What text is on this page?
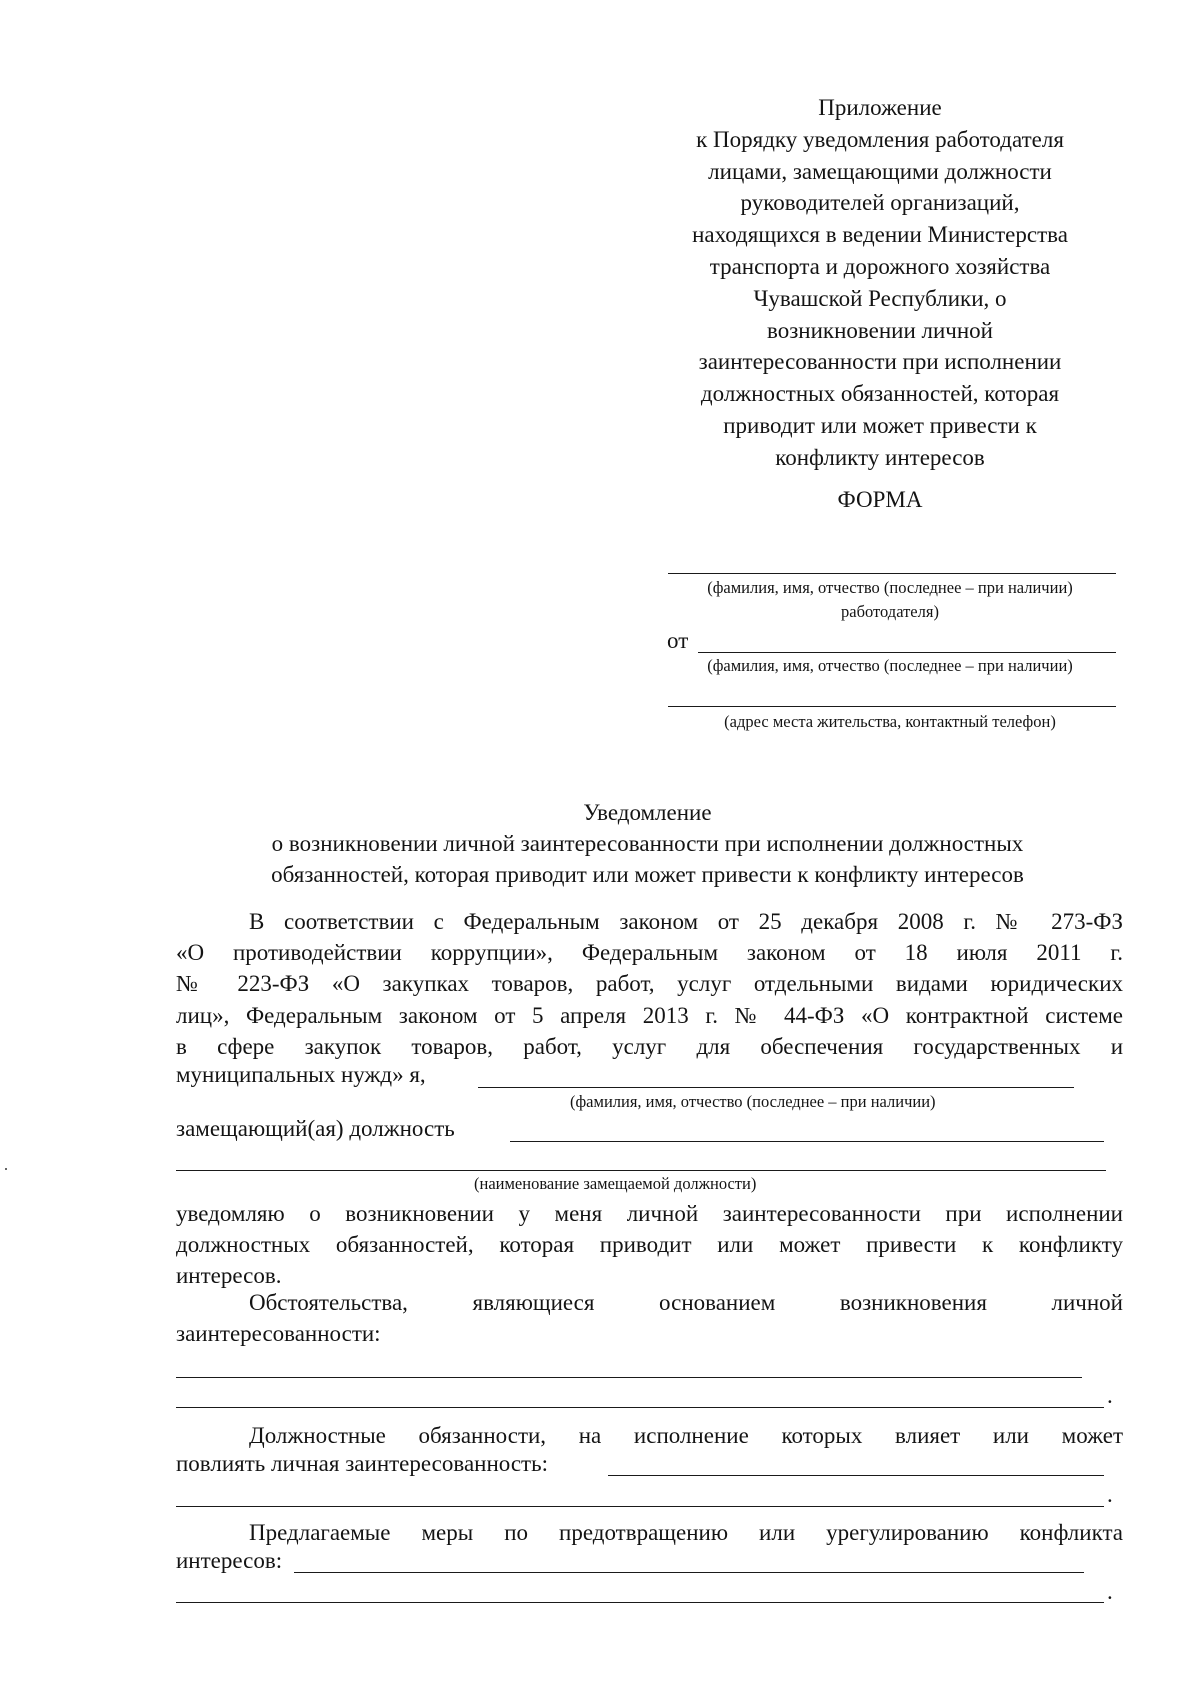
Приложение
к Порядку уведомления работодателя
лицами, замещающими должности
руководителей организаций,
находящихся в ведении Министерства
транспорта и дорожного хозяйства
Чувашской Республики, о
возникновении личной
заинтересованности при исполнении
должностных обязанностей, которая
приводит или может привести к
конфликту интересов
ФОРМА
(фамилия, имя, отчество (последнее – при наличии)
работодателя)
от
(фамилия, имя, отчество (последнее – при наличии)
(адрес места жительства, контактный телефон)
Уведомление
о возникновении личной заинтересованности при исполнении должностных
обязанностей, которая приводит или может привести к конфликту интересов
В соответствии с Федеральным законом от 25 декабря 2008 г. № 273-ФЗ
«О противодействии коррупции», Федеральным законом от 18 июля 2011 г.
№ 223-ФЗ «О закупках товаров, работ, услуг отдельными видами юридических
лиц», Федеральным законом от 5 апреля 2013 г. № 44-ФЗ «О контрактной системе
в сфере закупок товаров, работ, услуг для обеспечения государственных и
муниципальных нужд» я,
(фамилия, имя, отчество (последнее – при наличии)
замещающий(ая) должность
(наименование замещаемой должности)
уведомляю о возникновении у меня личной заинтересованности при исполнении
должностных обязанностей, которая приводит или может привести к конфликту
интересов.
Обстоятельства,	являющиеся	основанием	возникновения	личной
заинтересованности:
.
Должностные обязанности, на исполнение которых влияет или может
повлиять личная заинтересованность:
.
Предлагаемые меры по предотвращению или урегулированию конфликта
интересов:
.
